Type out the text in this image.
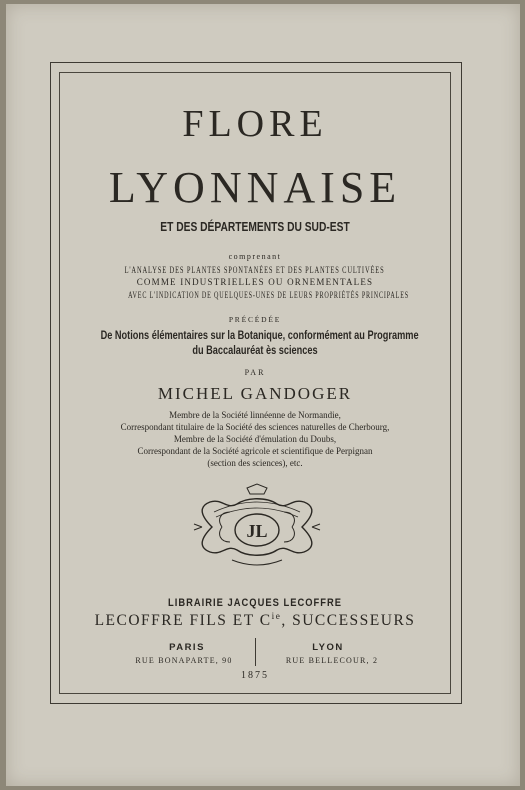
FLORE
LYONNAISE
ET DES DÉPARTEMENTS DU SUD-EST
comprenant
L'ANALYSE DES PLANTES SPONTANÉES ET DES PLANTES CULTIVÉES
COMME INDUSTRIELLES OU ORNEMENTALES
AVEC L'INDICATION DE QUELQUES-UNES DE LEURS PROPRIÉTÉS PRINCIPALES
PRÉCÉDÉE
De Notions élémentaires sur la Botanique, conformément au Programme
du Baccalauréat ès sciences
PAR
MICHEL GANDOGER
Membre de la Société linnéenne de Normandie,
Correspondant titulaire de la Société des sciences naturelles de Cherbourg,
Membre de la Société d'émulation du Doubs,
Correspondant de la Société agricole et scientifique de Perpignan
(section des sciences), etc.
JL
LIBRAIRIE JACQUES LECOFFRE
LECOFFRE FILS ET $C^{ie}$, SUCCESSEURS
PARIS	LYON
RUE BONAPARTE, 90	RUE BELLECOUR, 2
1875
